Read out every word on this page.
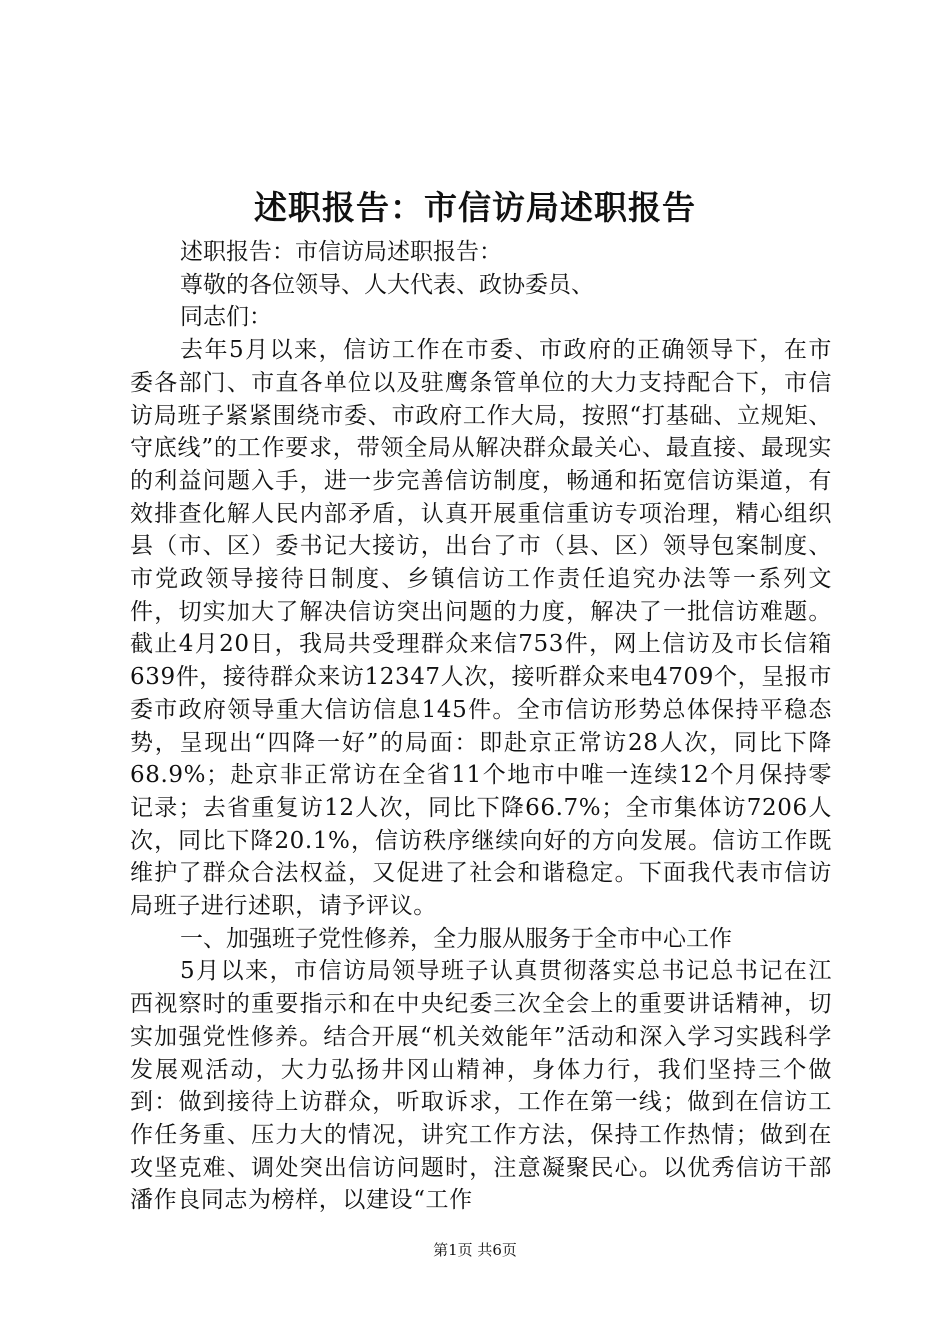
述职报告：市信访局述职报告

述职报告：市信访局述职报告：

尊敬的各位领导、人大代表、政协委员、

同志们：

去年5月以来，信访工作在市委、市政府的正确领导下，在市委各部门、市直各单位以及驻鹰条管单位的大力支持配合下，市信访局班子紧紧围绕市委、市政府工作大局，按照“打基础、立规矩、守底线”的工作要求，带领全局从解决群众最关心、最直接、最现实的利益问题入手，进一步完善信访制度，畅通和拓宽信访渠道，有效排查化解人民内部矛盾，认真开展重信重访专项治理，精心组织县（市、区）委书记大接访，出台了市（县、区）领导包案制度、市党政领导接待日制度、乡镇信访工作责任追究办法等一系列文件，切实加大了解决信访突出问题的力度，解决了一批信访难题。截止4月20日，我局共受理群众来信753件，网上信访及市长信箱639件，接待群众来访12347人次，接听群众来电4709个，呈报市委市政府领导重大信访信息145件。全市信访形势总体保持平稳态势，呈现出“四降一好”的局面：即赴京正常访28人次，同比下降68.9%；赴京非正常访在全省11个地市中唯一连续12个月保持零记录；去省重复访12人次，同比下降66.7%；全市集体访7206人次，同比下降20.1%，信访秩序继续向好的方向发展。信访工作既维护了群众合法权益，又促进了社会和谐稳定。下面我代表市信访局班子进行述职，请予评议。

一、加强班子党性修养，全力服从服务于全市中心工作

5月以来，市信访局领导班子认真贯彻落实总书记总书记在江西视察时的重要指示和在中央纪委三次全会上的重要讲话精神，切实加强党性修养。结合开展“机关效能年”活动和深入学习实践科学发展观活动，大力弘扬井冈山精神，身体力行，我们坚持三个做到：做到接待上访群众，听取诉求，工作在第一线；做到在信访工作任务重、压力大的情况，讲究工作方法，保持工作热情；做到在攻坚克难、调处突出信访问题时，注意凝聚民心。以优秀信访干部潘作良同志为榜样，以建设“工作

第1页 共6页
